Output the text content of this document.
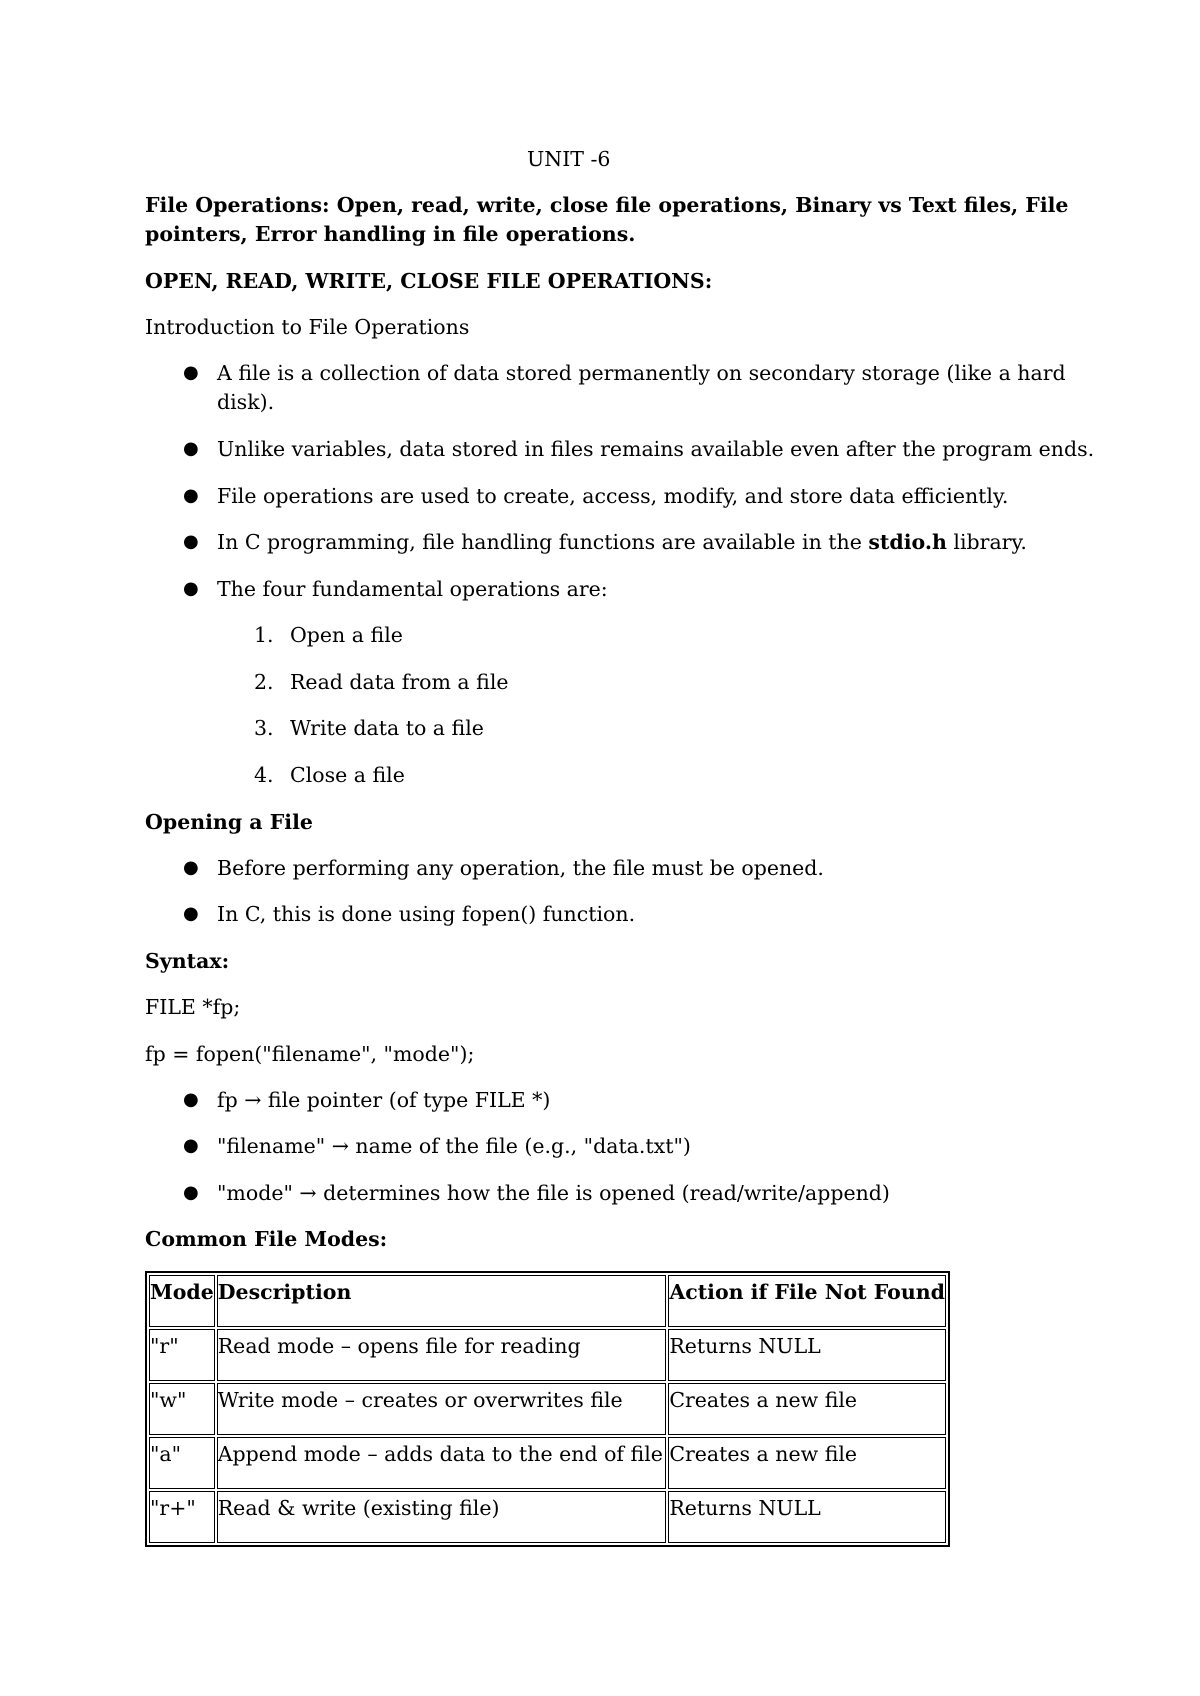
UNIT -6
File Operations: Open, read, write, close file operations, Binary vs Text files, File
pointers, Error handling in file operations.
OPEN, READ, WRITE, CLOSE FILE OPERATIONS:
Introduction to File Operations
● A file is a collection of data stored permanently on secondary storage (like a hard
disk).
● Unlike variables, data stored in files remains available even after the program ends.
● File operations are used to create, access, modify, and store data efficiently.
● In C programming, file handling functions are available in the stdio.h library.
● The four fundamental operations are:
1. Open a file
2. Read data from a file
3. Write data to a file
4. Close a file
Opening a File
● Before performing any operation, the file must be opened.
● In C, this is done using fopen() function.
Syntax:
FILE *fp;
fp = fopen("filename", "mode");
● fp → file pointer (of type FILE *)
● "filename" → name of the file (e.g., "data.txt")
● "mode" → determines how the file is opened (read/write/append)
Common File Modes:
Mode	Description	Action if File Not Found
"r"	Read mode – opens file for reading	Returns NULL
"w"	Write mode – creates or overwrites file	Creates a new file
"a"	Append mode – adds data to the end of file	Creates a new file
"r+"	Read & write (existing file)	Returns NULL
